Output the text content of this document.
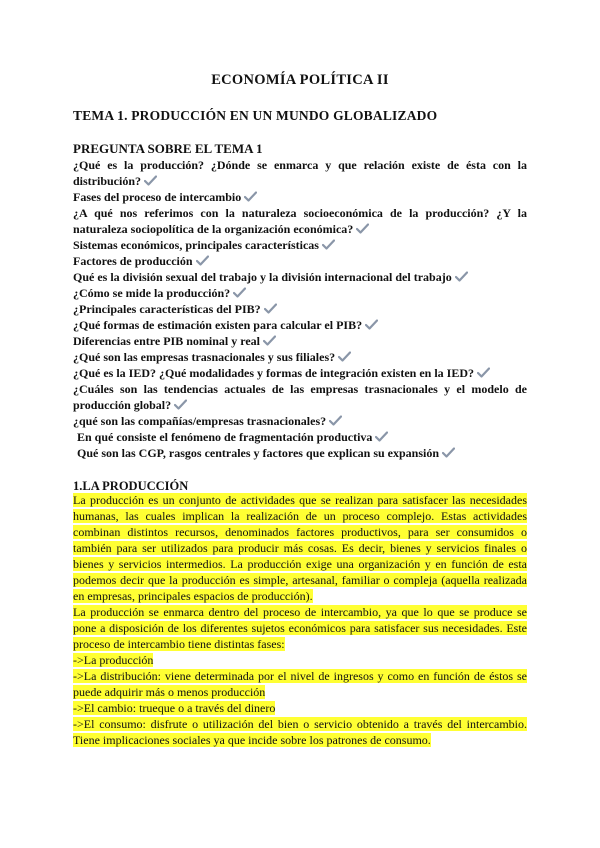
ECONOMÍA POLÍTICA II
TEMA 1. PRODUCCIÓN EN UN MUNDO GLOBALIZADO
PREGUNTA SOBRE EL TEMA 1

¿Qué es la producción? ¿Dónde se enmarca y que relación existe de ésta con la distribución?

Fases del proceso de intercambio

¿A qué nos referimos con la naturaleza socioeconómica de la producción? ¿Y la naturaleza sociopolítica de la organización económica?

Sistemas económicos, principales características

Factores de producción

Qué es la división sexual del trabajo y la división internacional del trabajo

¿Cómo se mide la producción?

¿Principales características del PIB?

¿Qué formas de estimación existen para calcular el PIB?

Diferencias entre PIB nominal y real

¿Qué son las empresas trasnacionales y sus filiales?

¿Qué es la IED? ¿Qué modalidades y formas de integración existen en la IED?

¿Cuáles son las tendencias actuales de las empresas trasnacionales y el modelo de producción global?

¿qué son las compañías/empresas trasnacionales?

En qué consiste el fenómeno de fragmentación productiva

Qué son las CGP, rasgos centrales y factores que explican su expansión

1.LA PRODUCCIÓN

La producción es un conjunto de actividades que se realizan para satisfacer las necesidades humanas, las cuales implican la realización de un proceso complejo. Estas actividades combinan distintos recursos, denominados factores productivos, para ser consumidos o también para ser utilizados para producir más cosas. Es decir, bienes y servicios finales o bienes y servicios intermedios. La producción exige una organización y en función de esta podemos decir que la producción es simple, artesanal, familiar o compleja (aquella realizada en empresas, principales espacios de producción).

La producción se enmarca dentro del proceso de intercambio, ya que lo que se produce se pone a disposición de los diferentes sujetos económicos para satisfacer sus necesidades. Este proceso de intercambio tiene distintas fases:

->La producción

->La distribución: viene determinada por el nivel de ingresos y como en función de éstos se puede adquirir más o menos producción

->El cambio: trueque o a través del dinero

->El consumo: disfrute o utilización del bien o servicio obtenido a través del intercambio. Tiene implicaciones sociales ya que incide sobre los patrones de consumo.
